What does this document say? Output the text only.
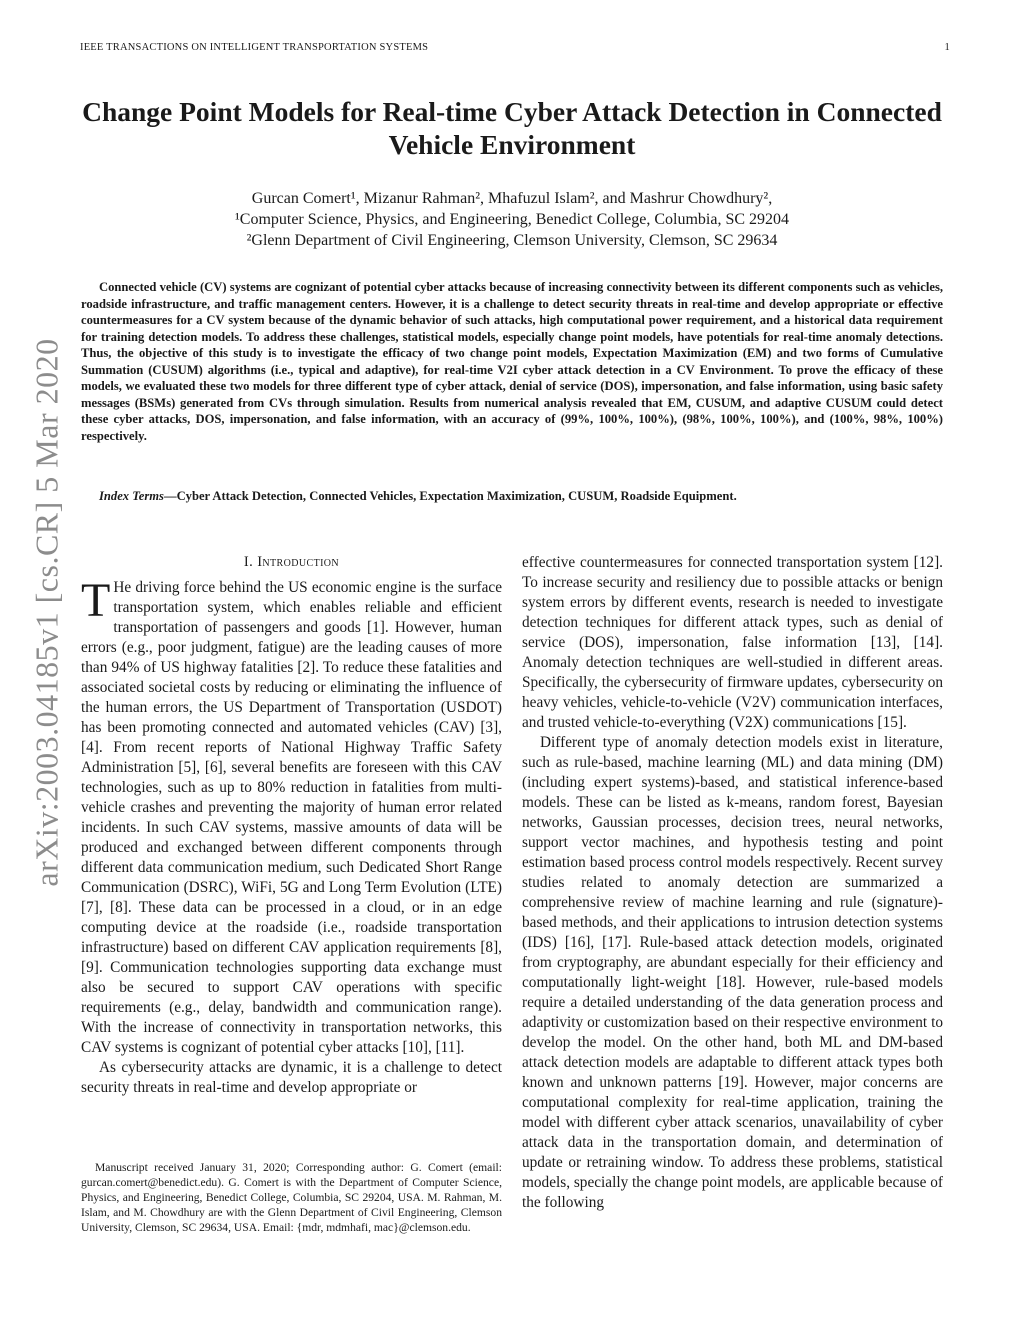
IEEE TRANSACTIONS ON INTELLIGENT TRANSPORTATION SYSTEMS	1
Change Point Models for Real-time Cyber Attack Detection in Connected Vehicle Environment
Gurcan Comert¹, Mizanur Rahman², Mhafuzul Islam², and Mashrur Chowdhury²,
¹Computer Science, Physics, and Engineering, Benedict College, Columbia, SC 29204
²Glenn Department of Civil Engineering, Clemson University, Clemson, SC 29634

Connected vehicle (CV) systems are cognizant of potential cyber attacks because of increasing connectivity between its different components such as vehicles, roadside infrastructure, and traffic management centers. However, it is a challenge to detect security threats in real-time and develop appropriate or effective countermeasures for a CV system because of the dynamic behavior of such attacks, high computational power requirement, and a historical data requirement for training detection models. To address these challenges, statistical models, especially change point models, have potentials for real-time anomaly detections. Thus, the objective of this study is to investigate the efficacy of two change point models, Expectation Maximization (EM) and two forms of Cumulative Summation (CUSUM) algorithms (i.e., typical and adaptive), for real-time V2I cyber attack detection in a CV Environment. To prove the efficacy of these models, we evaluated these two models for three different type of cyber attack, denial of service (DOS), impersonation, and false information, using basic safety messages (BSMs) generated from CVs through simulation. Results from numerical analysis revealed that EM, CUSUM, and adaptive CUSUM could detect these cyber attacks, DOS, impersonation, and false information, with an accuracy of (99%, 100%, 100%), (98%, 100%, 100%), and (100%, 98%, 100%) respectively.

Index Terms—Cyber Attack Detection, Connected Vehicles, Expectation Maximization, CUSUM, Roadside Equipment.
arXiv:2003.04185v1 [cs.CR] 5 Mar 2020	I. Introduction

T He driving force behind the US economic engine is the surface transportation system, which enables reliable and efficient transportation of passengers and goods [1]. However, human errors (e.g., poor judgment, fatigue) are the leading causes of more than 94% of US highway fatalities [2]. To reduce these fatalities and associated societal costs by reducing or eliminating the influence of the human errors, the US Department of Transportation (USDOT) has been promoting connected and automated vehicles (CAV) [3], [4]. From recent reports of National Highway Traffic Safety Administration [5], [6], several benefits are foreseen with this CAV technologies, such as up to 80% reduction in fatalities from multi-vehicle crashes and preventing the majority of human error related incidents. In such CAV systems, massive amounts of data will be produced and exchanged between different components through different data communication medium, such Dedicated Short Range Communication (DSRC), WiFi, 5G and Long Term Evolution (LTE) [7], [8]. These data can be processed in a cloud, or in an edge computing device at the roadside (i.e., roadside transportation infrastructure) based on different CAV application requirements [8], [9]. Communication technologies supporting data exchange must also be secured to support CAV operations with specific requirements (e.g., delay, bandwidth and communication range). With the increase of connectivity in transportation networks, this CAV systems is cognizant of potential cyber attacks [10], [11].

As cybersecurity attacks are dynamic, it is a challenge to detect security threats in real-time and develop appropriate or

effective countermeasures for connected transportation system [12]. To increase security and resiliency due to possible attacks or benign system errors by different events, research is needed to investigate detection techniques for different attack types, such as denial of service (DOS), impersonation, false information [13], [14]. Anomaly detection techniques are well-studied in different areas. Specifically, the cybersecurity of firmware updates, cybersecurity on heavy vehicles, vehicle-to-vehicle (V2V) communication interfaces, and trusted vehicle-to-everything (V2X) communications [15].

Different type of anomaly detection models exist in literature, such as rule-based, machine learning (ML) and data mining (DM) (including expert systems)-based, and statistical inference-based models. These can be listed as k-means, random forest, Bayesian networks, Gaussian processes, decision trees, neural networks, support vector machines, and hypothesis testing and point estimation based process control models respectively. Recent survey studies related to anomaly detection are summarized a comprehensive review of machine learning and rule (signature)-based methods, and their applications to intrusion detection systems (IDS) [16], [17]. Rule-based attack detection models, originated from cryptography, are abundant especially for their efficiency and computationally light-weight [18]. However, rule-based models require a detailed understanding of the data generation process and adaptivity or customization based on their respective environment to develop the model. On the other hand, both ML and DM-based attack detection models are adaptable to different attack types both known and unknown patterns [19]. However, major concerns are computational complexity for real-time application, training the model with different cyber attack scenarios, unavailability of cyber attack data in the transportation domain, and determination of update or retraining window. To address these problems, statistical models, specially the change point models, are applicable because of the following

Manuscript received January 31, 2020; Corresponding author: G. Comert (email: gurcan.comert@benedict.edu). G. Comert is with the Department of Computer Science, Physics, and Engineering, Benedict College, Columbia, SC 29204, USA. M. Rahman, M. Islam, and M. Chowdhury are with the Glenn Department of Civil Engineering, Clemson University, Clemson, SC 29634, USA. Email: {mdr, mdmhafi, mac}@clemson.edu.
